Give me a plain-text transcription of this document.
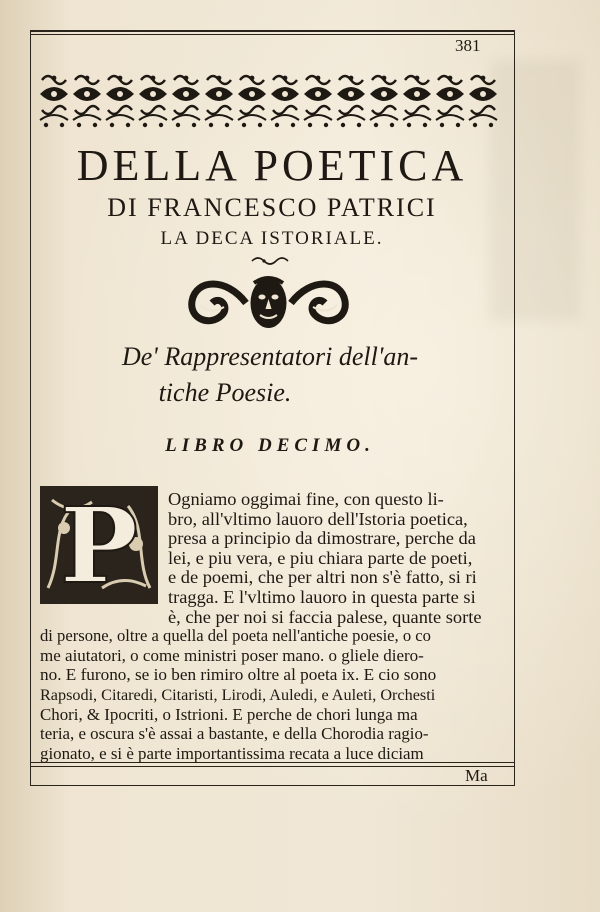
381
DELLA POETICA
DI FRANCESCO PATRICI
LA DECA ISTORIALE.
De' Rappresentatori dell'an-
tiche Poesie.
LIBRO DECIMO.
P	Ogniamo oggimai fine, con questo li-
bro, all'vltimo lauoro dell'Istoria poetica,
presa a principio da dimostrare, perche da
lei, e piu vera, e piu chiara parte de poeti,
e de poemi, che per altri non s'è fatto, si ri
tragga. E l'vltimo lauoro in questa parte si
è, che per noi si faccia palese, quante sorte
di persone, oltre a quella del poeta nell'antiche poesie, o co
me aiutatori, o come ministri poser mano. o gliele diero-
no. E furono, se io ben rimiro oltre al poeta ix. E cio sono
Rapsodi, Citaredi, Citaristi, Lirodi, Auledi, e Auleti, Orchesti
Ma
Chori, & Ipocriti, o Istrioni. E perche de chori lunga ma
teria, e oscura s'è assai a bastante, e della Chorodia ragio-
gionato, e si è parte importantissima recata a luce diciam
